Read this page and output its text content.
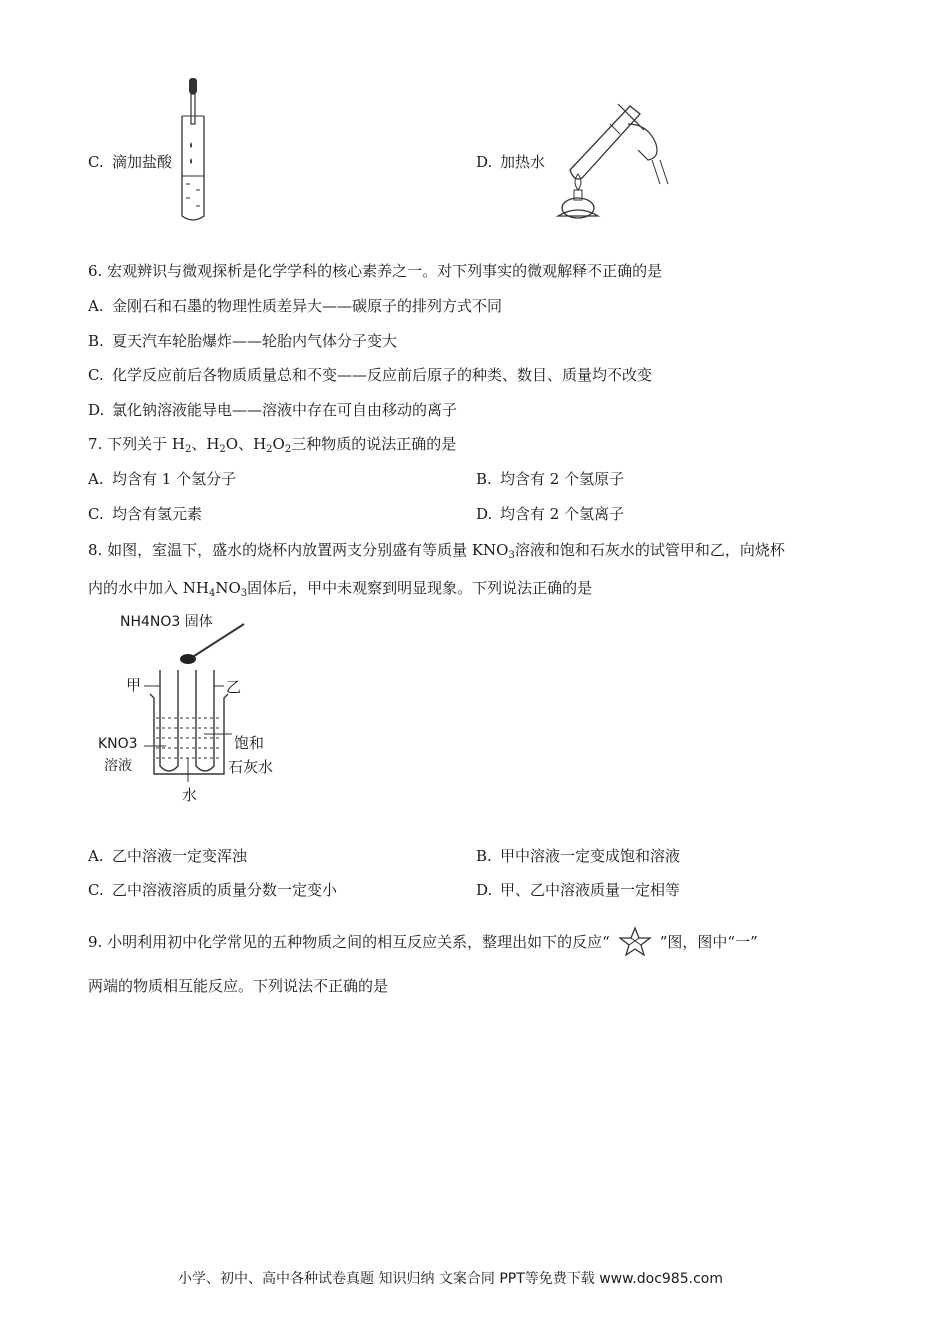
C. 滴加盐酸	D. 加热水
6. 宏观辨识与微观探析是化学学科的核心素养之一。对下列事实的微观解释不正确的是
A. 金刚石和石墨的物理性质差异大——碳原子的排列方式不同
B. 夏天汽车轮胎爆炸——轮胎内气体分子变大
C. 化学反应前后各物质质量总和不变——反应前后原子的种类、数目、质量均不改变
D. 氯化钠溶液能导电——溶液中存在可自由移动的离子
7. 下列关于 $H_2$、$H_2O$、$H_2O_2$三种物质的说法正确的是
A. 均含有 1 个氢分子	B. 均含有 2 个氢原子
C. 均含有氢元素	D. 均含有 2 个氢离子
8. 如图，室温下，盛水的烧杯内放置两支分别盛有等质量 $KNO_3$溶液和饱和石灰水的试管甲和乙，向烧杯
内的水中加入 $NH_4NO_3$固体后，甲中未观察到明显现象。下列说法正确的是
NH4NO3 固体
甲	乙
KNO3
溶液
饱和
石灰水
水
A. 乙中溶液一定变浑浊	B. 甲中溶液一定变成饱和溶液
C. 乙中溶液溶质的质量分数一定变小	D. 甲、乙中溶液质量一定相等
9. 小明利用初中化学常见的五种物质之间的相互反应关系，整理出如下的反应“	”图，图中“一”
两端的物质相互能反应。下列说法不正确的是
小学、初中、高中各种试卷真题 知识归纳 文案合同 PPT等免费下载 www.doc985.com
